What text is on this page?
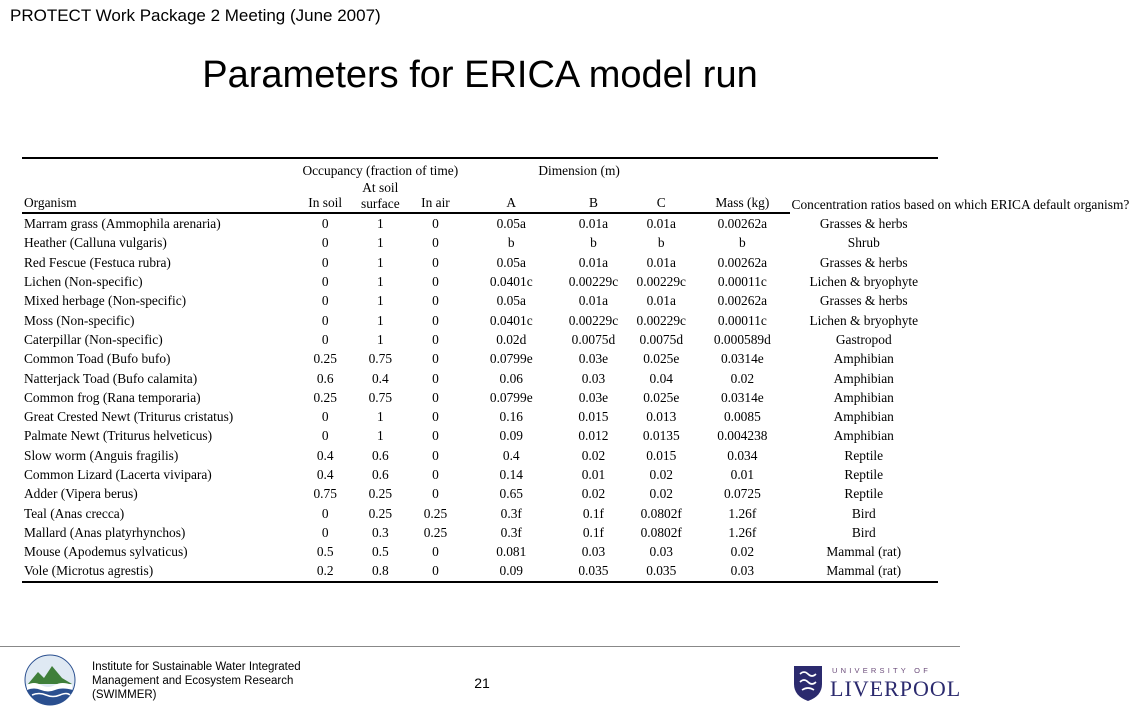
PROTECT Work Package 2 Meeting (June 2007)
Parameters for ERICA model run
	Occupancy (fraction of time)			Dimension (m)				Concentration ratios based on which ERICA default organism?
Organism	In soil	At soil surface	In air	A	B	C	Mass (kg)	
Marram grass (Ammophila arenaria)	0	1	0	0.05a	0.01a	0.01a	0.00262a	Grasses & herbs
Heather (Calluna vulgaris)	0	1	0	b	b	b	b	Shrub
Red Fescue (Festuca rubra)	0	1	0	0.05a	0.01a	0.01a	0.00262a	Grasses & herbs
Lichen (Non-specific)	0	1	0	0.0401c	0.00229c	0.00229c	0.00011c	Lichen & bryophyte
Mixed herbage (Non-specific)	0	1	0	0.05a	0.01a	0.01a	0.00262a	Grasses & herbs
Moss (Non-specific)	0	1	0	0.0401c	0.00229c	0.00229c	0.00011c	Lichen & bryophyte
Caterpillar (Non-specific)	0	1	0	0.02d	0.0075d	0.0075d	0.000589d	Gastropod
Common Toad (Bufo bufo)	0.25	0.75	0	0.0799e	0.03e	0.025e	0.0314e	Amphibian
Natterjack Toad (Bufo calamita)	0.6	0.4	0	0.06	0.03	0.04	0.02	Amphibian
Common frog (Rana temporaria)	0.25	0.75	0	0.0799e	0.03e	0.025e	0.0314e	Amphibian
Great Crested Newt (Triturus cristatus)	0	1	0	0.16	0.015	0.013	0.0085	Amphibian
Palmate Newt (Triturus helveticus)	0	1	0	0.09	0.012	0.0135	0.004238	Amphibian
Slow worm (Anguis fragilis)	0.4	0.6	0	0.4	0.02	0.015	0.034	Reptile
Common Lizard (Lacerta vivipara)	0.4	0.6	0	0.14	0.01	0.02	0.01	Reptile
Adder (Vipera berus)	0.75	0.25	0	0.65	0.02	0.02	0.0725	Reptile
Teal (Anas crecca)	0	0.25	0.25	0.3f	0.1f	0.0802f	1.26f	Bird
Mallard (Anas platyrhynchos)	0	0.3	0.25	0.3f	0.1f	0.0802f	1.26f	Bird
Mouse (Apodemus sylvaticus)	0.5	0.5	0	0.081	0.03	0.03	0.02	Mammal (rat)
Vole (Microtus agrestis)	0.2	0.8	0	0.09	0.035	0.035	0.03	Mammal (rat)
Institute for Sustainable Water Integrated Management and Ecosystem Research (SWIMMER)
21
UNIVERSITY OF
LIVERPOOL
